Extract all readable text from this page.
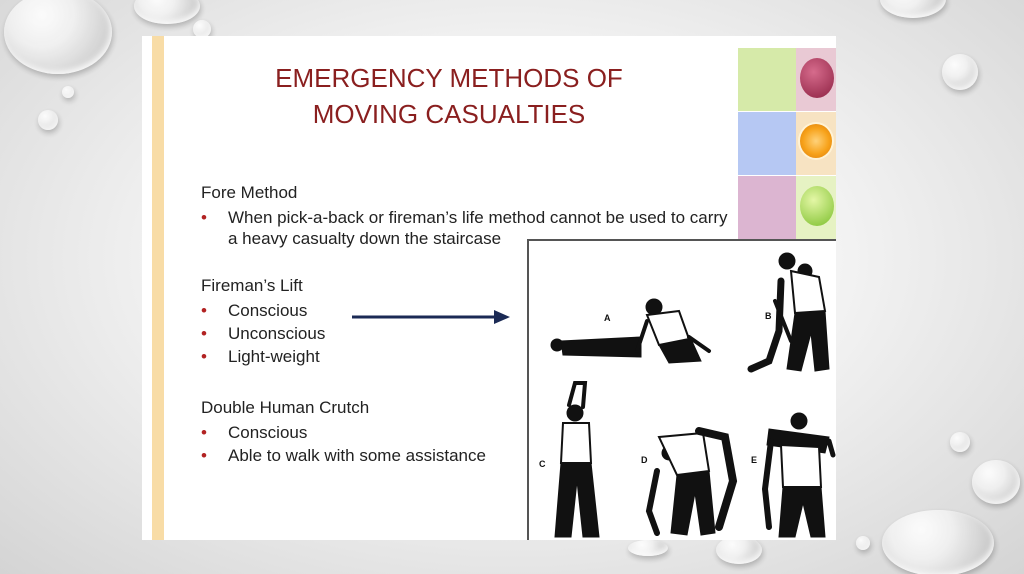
EMERGENCY METHODS OF
MOVING CASUALTIES
Fore Method
•	When pick-a-back or fireman’s life method cannot be used to carry a heavy casualty down the staircase
Fireman’s Lift
•	Conscious
•	Unconscious
•	Light-weight
Double Human Crutch
•	Conscious
•	Able to walk with some assistance
A	B
C	D	E
